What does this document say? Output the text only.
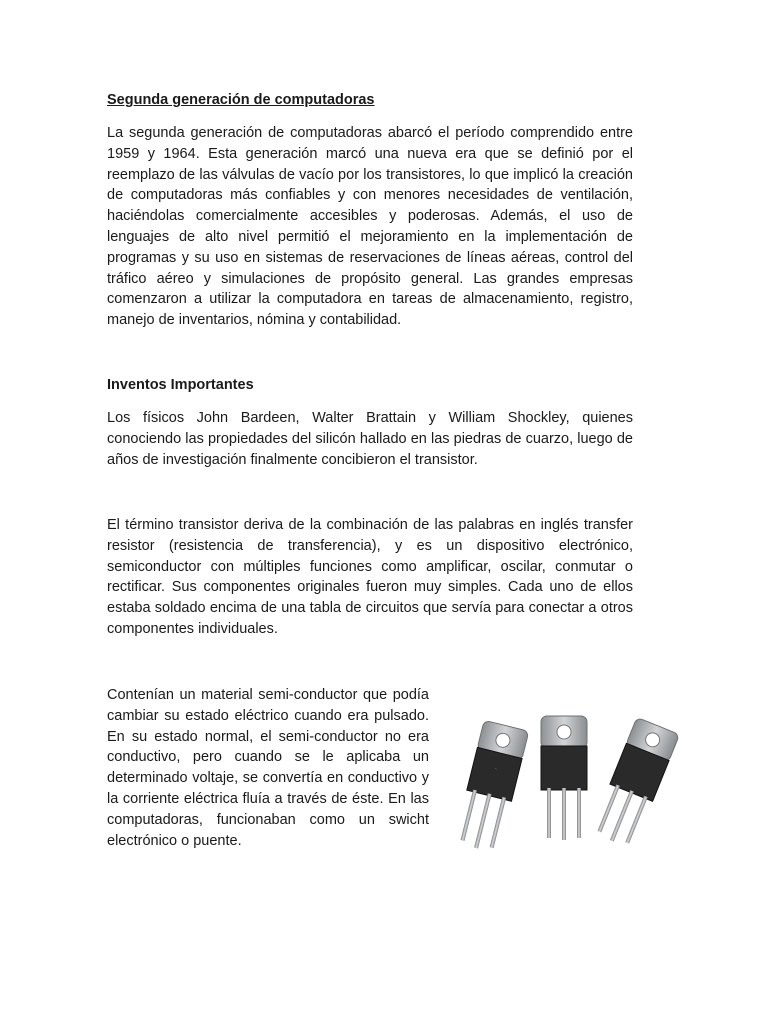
Segunda generación de computadoras

La segunda generación de computadoras abarcó el período comprendido entre 1959 y 1964. Esta generación marcó una nueva era que se definió por el reemplazo de las válvulas de vacío por los transistores, lo que implicó la creación de computadoras más confiables y con menores necesidades de ventilación, haciéndolas comercialmente accesibles y poderosas. Además, el uso de lenguajes de alto nivel permitió el mejoramiento en la implementación de programas y su uso en sistemas de reservaciones de líneas aéreas, control del tráfico aéreo y simulaciones de propósito general. Las grandes empresas comenzaron a utilizar la computadora en tareas de almacenamiento, registro, manejo de inventarios, nómina y contabilidad.

Inventos Importantes

Los físicos John Bardeen, Walter Brattain y William Shockley, quienes conociendo las propiedades del silicón hallado en las piedras de cuarzo, luego de años de investigación finalmente concibieron el transistor.

El término transistor deriva de la combinación de las palabras en inglés transfer resistor (resistencia de transferencia), y es un dispositivo electrónico, semiconductor con múltiples funciones como amplificar, oscilar, conmutar o rectificar. Sus componentes originales fueron muy simples. Cada uno de ellos estaba soldado encima de una tabla de circuitos que servía para conectar a otros componentes individuales.

Contenían un material semi-conductor que podía cambiar su estado eléctrico cuando era pulsado. En su estado normal, el semi-conductor no era conductivo, pero cuando se le aplicaba un determinado voltaje, se convertía en conductivo y la corriente eléctrica fluía a través de éste. En las computadoras, funcionaban como un swicht electrónico o puente.

~
